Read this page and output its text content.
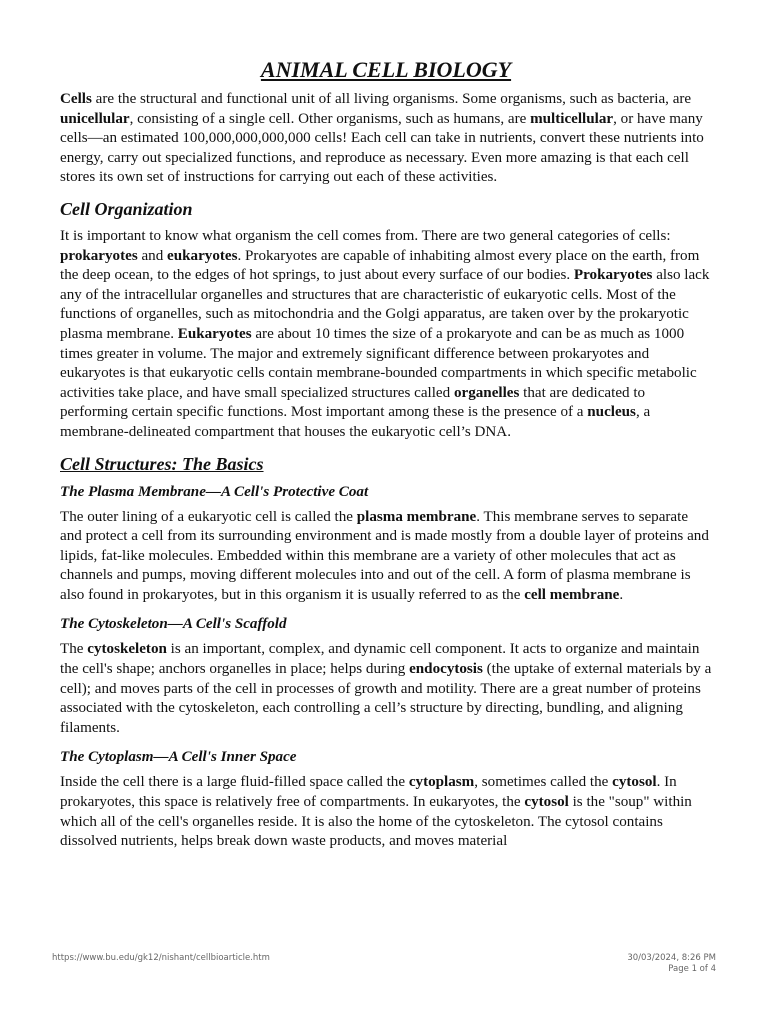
ANIMAL CELL BIOLOGY

Cells are the structural and functional unit of all living organisms. Some organisms, such as bacteria, are unicellular, consisting of a single cell. Other organisms, such as humans, are multicellular, or have many cells—an estimated 100,000,000,000,000 cells! Each cell can take in nutrients, convert these nutrients into energy, carry out specialized functions, and reproduce as necessary. Even more amazing is that each cell stores its own set of instructions for carrying out each of these activities.

Cell Organization

It is important to know what organism the cell comes from. There are two general categories of cells: prokaryotes and eukaryotes. Prokaryotes are capable of inhabiting almost every place on the earth, from the deep ocean, to the edges of hot springs, to just about every surface of our bodies. Prokaryotes also lack any of the intracellular organelles and structures that are characteristic of eukaryotic cells. Most of the functions of organelles, such as mitochondria and the Golgi apparatus, are taken over by the prokaryotic plasma membrane. Eukaryotes are about 10 times the size of a prokaryote and can be as much as 1000 times greater in volume. The major and extremely significant difference between prokaryotes and eukaryotes is that eukaryotic cells contain membrane-bounded compartments in which specific metabolic activities take place, and have small specialized structures called organelles that are dedicated to performing certain specific functions. Most important among these is the presence of a nucleus, a membrane-delineated compartment that houses the eukaryotic cell’s DNA.

Cell Structures: The Basics
The Plasma Membrane—A Cell's Protective Coat

The outer lining of a eukaryotic cell is called the plasma membrane. This membrane serves to separate and protect a cell from its surrounding environment and is made mostly from a double layer of proteins and lipids, fat-like molecules. Embedded within this membrane are a variety of other molecules that act as channels and pumps, moving different molecules into and out of the cell. A form of plasma membrane is also found in prokaryotes, but in this organism it is usually referred to as the cell membrane.

The Cytoskeleton—A Cell's Scaffold

The cytoskeleton is an important, complex, and dynamic cell component. It acts to organize and maintain the cell's shape; anchors organelles in place; helps during endocytosis (the uptake of external materials by a cell); and moves parts of the cell in processes of growth and motility. There are a great number of proteins associated with the cytoskeleton, each controlling a cell’s structure by directing, bundling, and aligning filaments.

The Cytoplasm—A Cell's Inner Space

Inside the cell there is a large fluid-filled space called the cytoplasm, sometimes called the cytosol. In prokaryotes, this space is relatively free of compartments. In eukaryotes, the cytosol is the "soup" within which all of the cell's organelles reside. It is also the home of the cytoskeleton. The cytosol contains dissolved nutrients, helps break down waste products, and moves material

https://www.bu.edu/gk12/nishant/cellbioarticle.htm	30/03/2024, 8:26 PM
Page 1 of 4
